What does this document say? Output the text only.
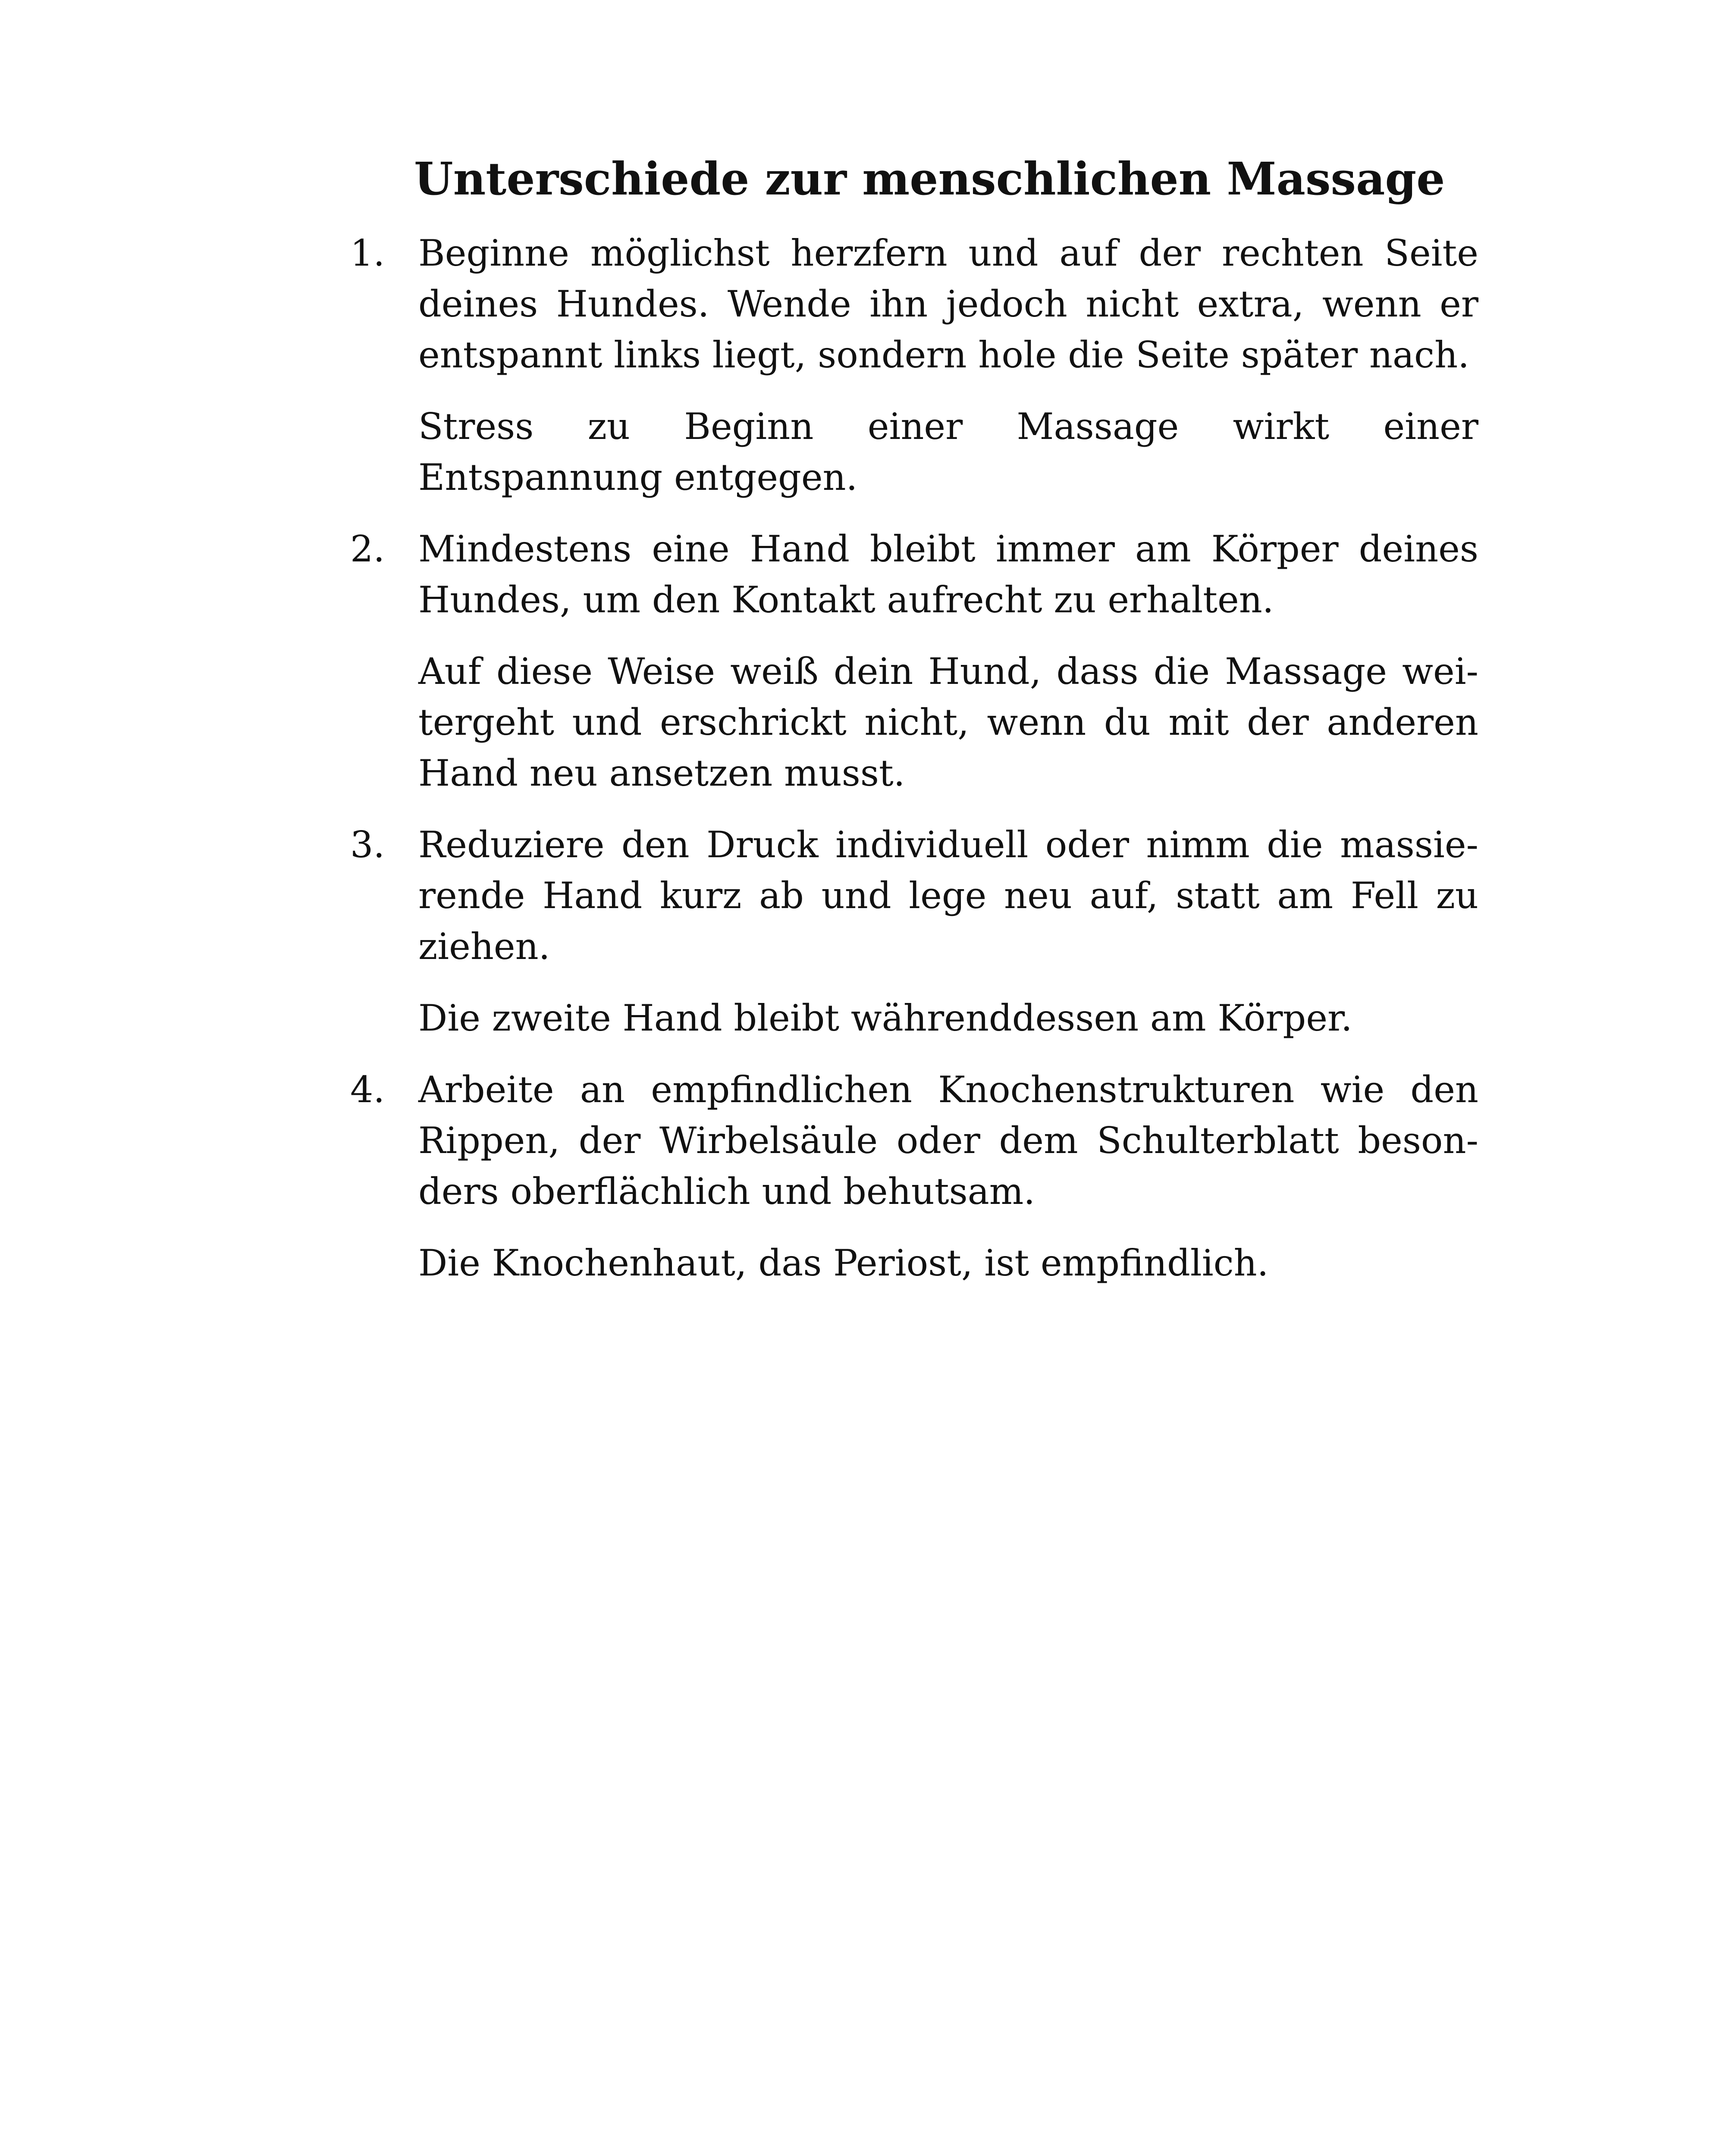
Unterschiede zur menschlichen Massage
1. Beginne möglichst herzfern und auf der rechten Seite deines Hundes. Wende ihn jedoch nicht extra, wenn er entspannt links liegt, sondern hole die Seite später nach.

Stress zu Beginn einer Massage wirkt einer Entspannung entgegen.

2. Mindestens eine Hand bleibt immer am Körper deines Hundes, um den Kontakt aufrecht zu erhalten.

Auf diese Weise weiß dein Hund, dass die Massage weitergeht und erschrickt nicht, wenn du mit der anderen Hand neu ansetzen musst.

3. Reduziere den Druck individuell oder nimm die massierende Hand kurz ab und lege neu auf, statt am Fell zu ziehen.

Die zweite Hand bleibt währenddessen am Körper.

4. Arbeite an empfindlichen Knochenstrukturen wie den Rippen, der Wirbelsäule oder dem Schulterblatt besonders oberflächlich und behutsam.

Die Knochenhaut, das Periost, ist empfindlich.
